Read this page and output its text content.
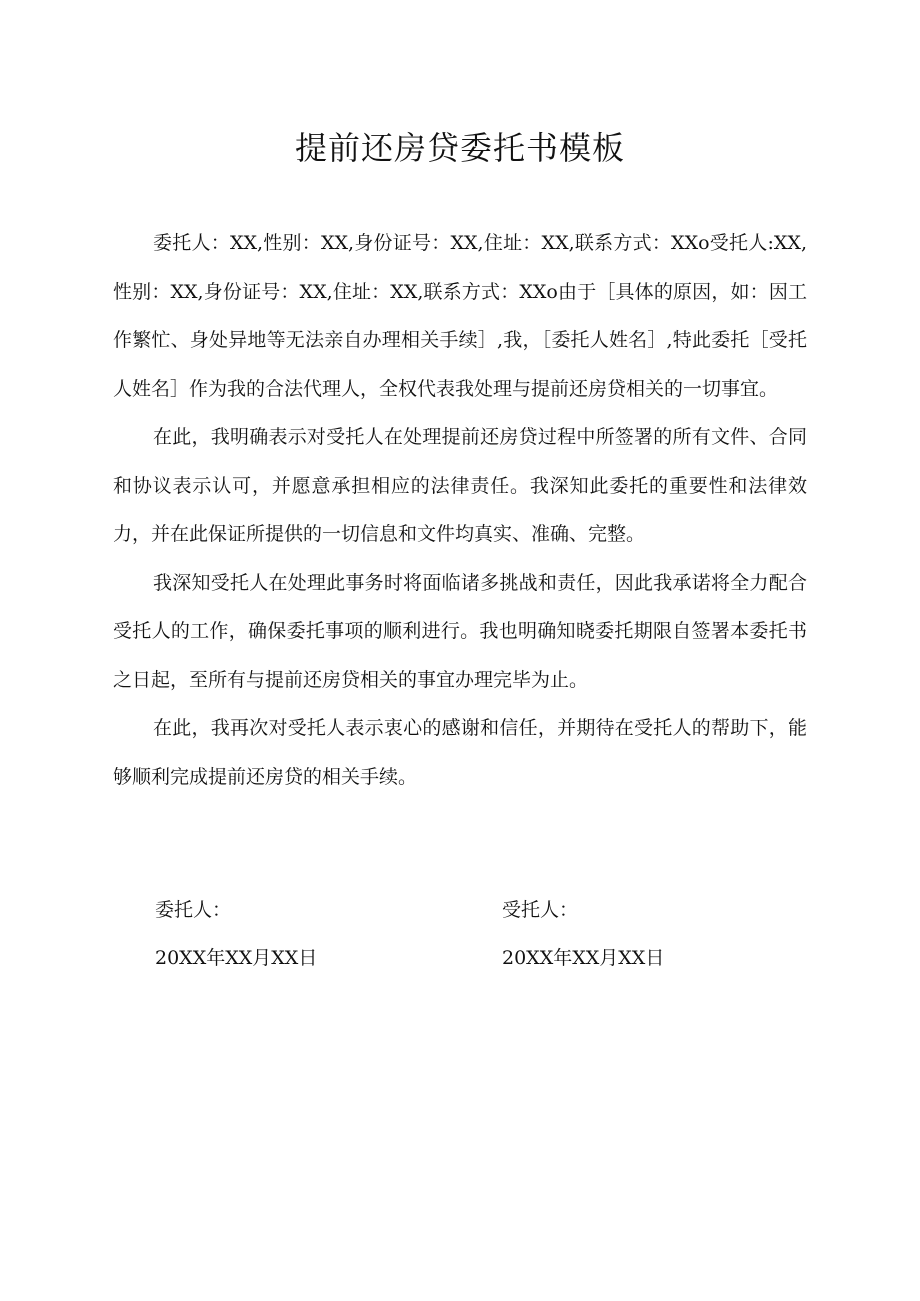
提前还房贷委托书模板

委托人：XX,性别：XX,身份证号：XX,住址：XX,联系方式：XXo受托人:XX,性别：XX,身份证号：XX,住址：XX,联系方式：XXo由于［具体的原因，如：因工作繁忙、身处异地等无法亲自办理相关手续］,我，［委托人姓名］,特此委托［受托人姓名］作为我的合法代理人，全权代表我处理与提前还房贷相关的一切事宜。

在此，我明确表示对受托人在处理提前还房贷过程中所签署的所有文件、合同和协议表示认可，并愿意承担相应的法律责任。我深知此委托的重要性和法律效力，并在此保证所提供的一切信息和文件均真实、准确、完整。

我深知受托人在处理此事务时将面临诸多挑战和责任，因此我承诺将全力配合受托人的工作，确保委托事项的顺利进行。我也明确知晓委托期限自签署本委托书之日起，至所有与提前还房贷相关的事宜办理完毕为止。

在此，我再次对受托人表示衷心的感谢和信任，并期待在受托人的帮助下，能够顺利完成提前还房贷的相关手续。

委托人：
20XX年XX月XX日
受托人：
20XX年XX月XX日
